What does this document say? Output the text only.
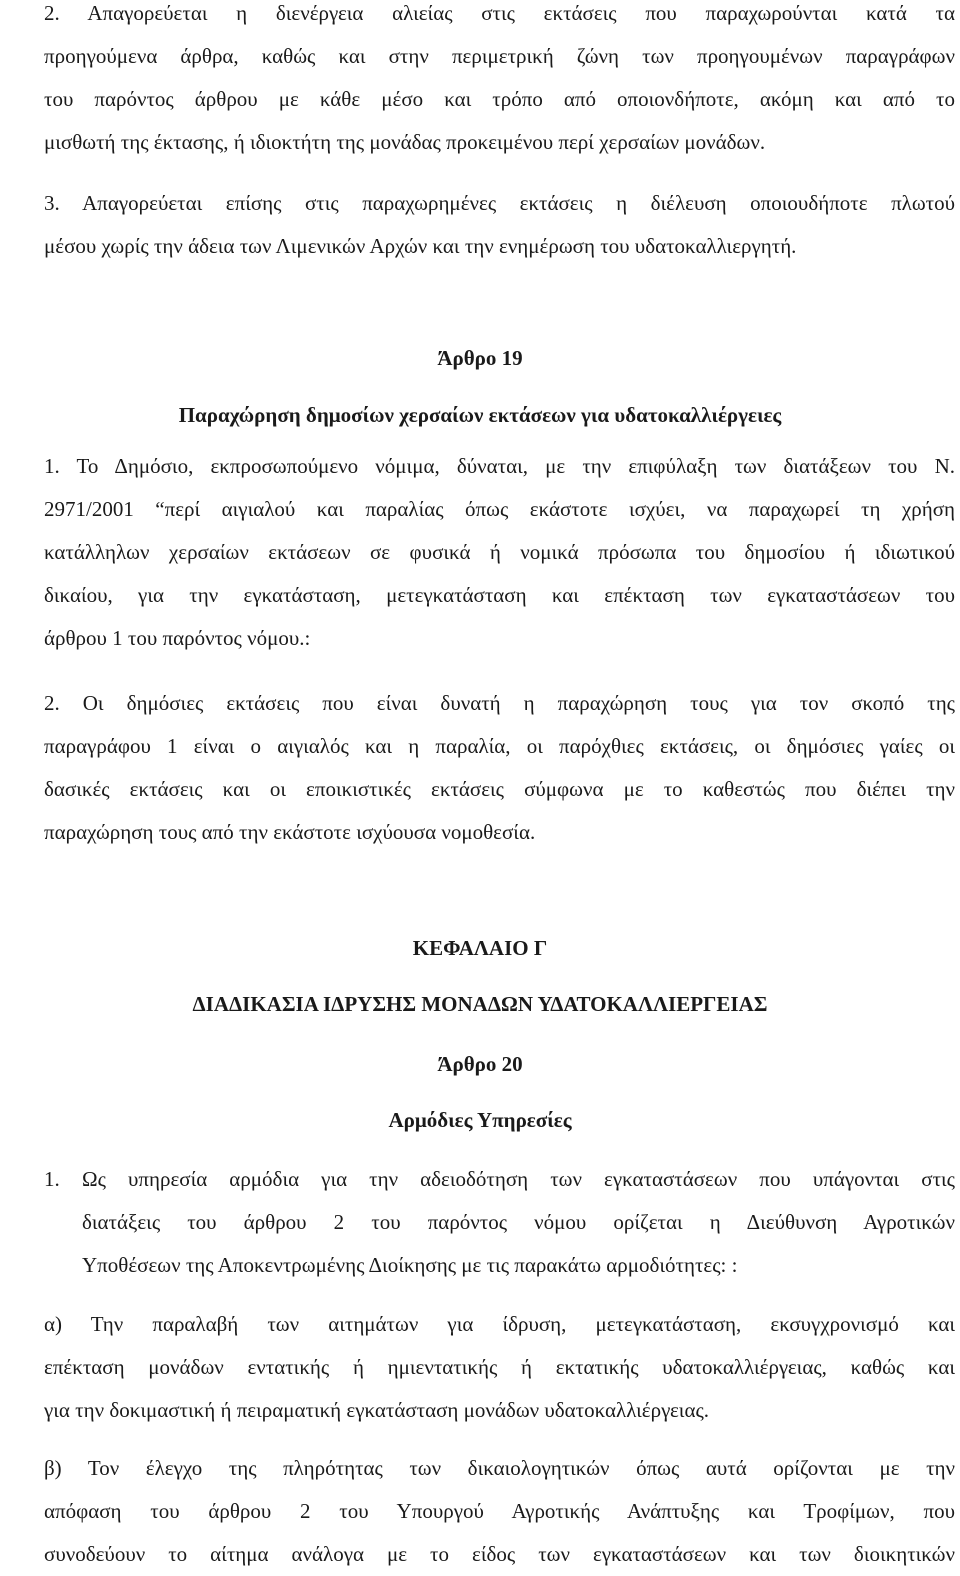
2. Απαγορεύεται η διενέργεια αλιείας στις εκτάσεις που παραχωρούνται κατά τα
προηγούμενα άρθρα, καθώς και στην περιμετρική ζώνη των προηγουμένων παραγράφων
του παρόντος άρθρου με κάθε μέσο και τρόπο από οποιονδήποτε, ακόμη και από το
μισθωτή της έκτασης, ή ιδιοκτήτη της μονάδας προκειμένου περί χερσαίων μονάδων.
3. Απαγορεύεται επίσης στις παραχωρημένες εκτάσεις η διέλευση οποιουδήποτε πλωτού
μέσου χωρίς την άδεια των Λιμενικών Αρχών και την ενημέρωση του υδατοκαλλιεργητή.

Άρθρο 19

Παραχώρηση δημοσίων χερσαίων εκτάσεων για υδατοκαλλιέργειες

1. Το Δημόσιο, εκπροσωπούμενο νόμιμα, δύναται, με την επιφύλαξη των διατάξεων του Ν.
2971/2001 “περί αιγιαλού και παραλίας όπως εκάστοτε ισχύει, να παραχωρεί τη χρήση
κατάλληλων χερσαίων εκτάσεων σε φυσικά ή νομικά πρόσωπα του δημοσίου ή ιδιωτικού
δικαίου, για την εγκατάσταση, μετεγκατάσταση και επέκταση των εγκαταστάσεων του
άρθρου 1 του παρόντος νόμου.:
2. Οι δημόσιες εκτάσεις που είναι δυνατή η παραχώρηση τους για τον σκοπό της
παραγράφου 1 είναι ο αιγιαλός και η παραλία, οι παρόχθιες εκτάσεις, οι δημόσιες γαίες οι
δασικές εκτάσεις και οι εποικιστικές εκτάσεις σύμφωνα με το καθεστώς που διέπει την
παραχώρηση τους από την εκάστοτε ισχύουσα νομοθεσία.

ΚΕΦΑΛΑΙΟ Γ

ΔΙΑΔΙΚΑΣΙΑ ΙΔΡΥΣΗΣ ΜΟΝΑΔΩΝ ΥΔΑΤΟΚΑΛΛΙΕΡΓΕΙΑΣ

Άρθρο 20

Αρμόδιες Υπηρεσίες

1. Ως υπηρεσία αρμόδια για την αδειοδότηση των εγκαταστάσεων που υπάγονται στις
διατάξεις του άρθρου 2 του παρόντος νόμου ορίζεται η Διεύθυνση Αγροτικών
Υποθέσεων της Αποκεντρωμένης Διοίκησης με τις παρακάτω αρμοδιότητες: :
α) Την παραλαβή των αιτημάτων για ίδρυση, μετεγκατάσταση, εκσυγχρονισμό και
επέκταση μονάδων εντατικής ή ημιεντατικής ή εκτατικής υδατοκαλλιέργειας, καθώς και
για την δοκιμαστική ή πειραματική εγκατάσταση μονάδων υδατοκαλλιέργειας.
β) Τον έλεγχο της πληρότητας των δικαιολογητικών όπως αυτά ορίζονται με την
απόφαση του άρθρου 2 του Υπουργού Αγροτικής Ανάπτυξης και Τροφίμων, που
συνοδεύουν το αίτημα ανάλογα με το είδος των εγκαταστάσεων και των διοικητικών
